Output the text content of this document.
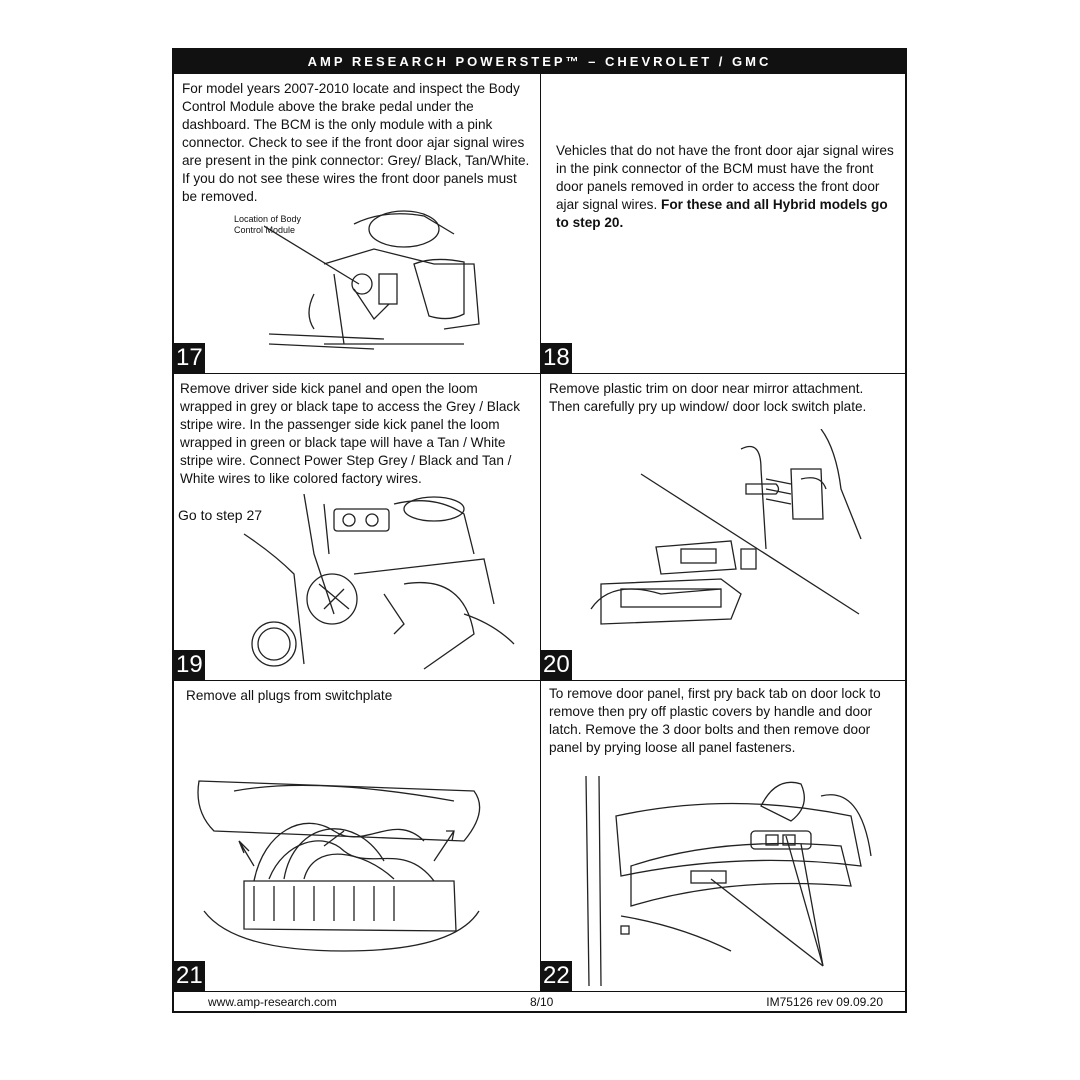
AMP RESEARCH POWERSTEP™ – CHEVROLET / GMC
For model years 2007-2010 locate and inspect the Body Control Module above the brake pedal under the dashboard. The BCM is the only module with a pink connector. Check to see if the front door ajar signal wires are present in the pink connector: Grey/ Black, Tan/White. If you do not see these wires the front door panels must be removed.
Location of Body Control Module
17
Vehicles that do not have the front door ajar signal wires in the pink connector of the BCM must have the front door panels removed in order to access the front door ajar signal wires. For these and all Hybrid models go to step 20.
18
Remove driver side kick panel and open the loom wrapped in grey or black tape to access the Grey / Black stripe wire. In the passenger side kick panel the loom wrapped in green or black tape will have a Tan / White stripe wire. Connect Power Step Grey / Black and Tan / White wires to like colored factory wires.
Go to step 27
19
Remove plastic trim on door near mirror attachment. Then carefully pry up window/ door lock switch plate.
20
Remove all plugs from switchplate
21
To remove door panel, first pry back tab on door lock to remove then pry off plastic covers by handle and door latch. Remove the 3 door bolts and then remove door panel by prying loose all panel fasteners.
22
www.amp-research.com	8/10	IM75126 rev 09.09.20
